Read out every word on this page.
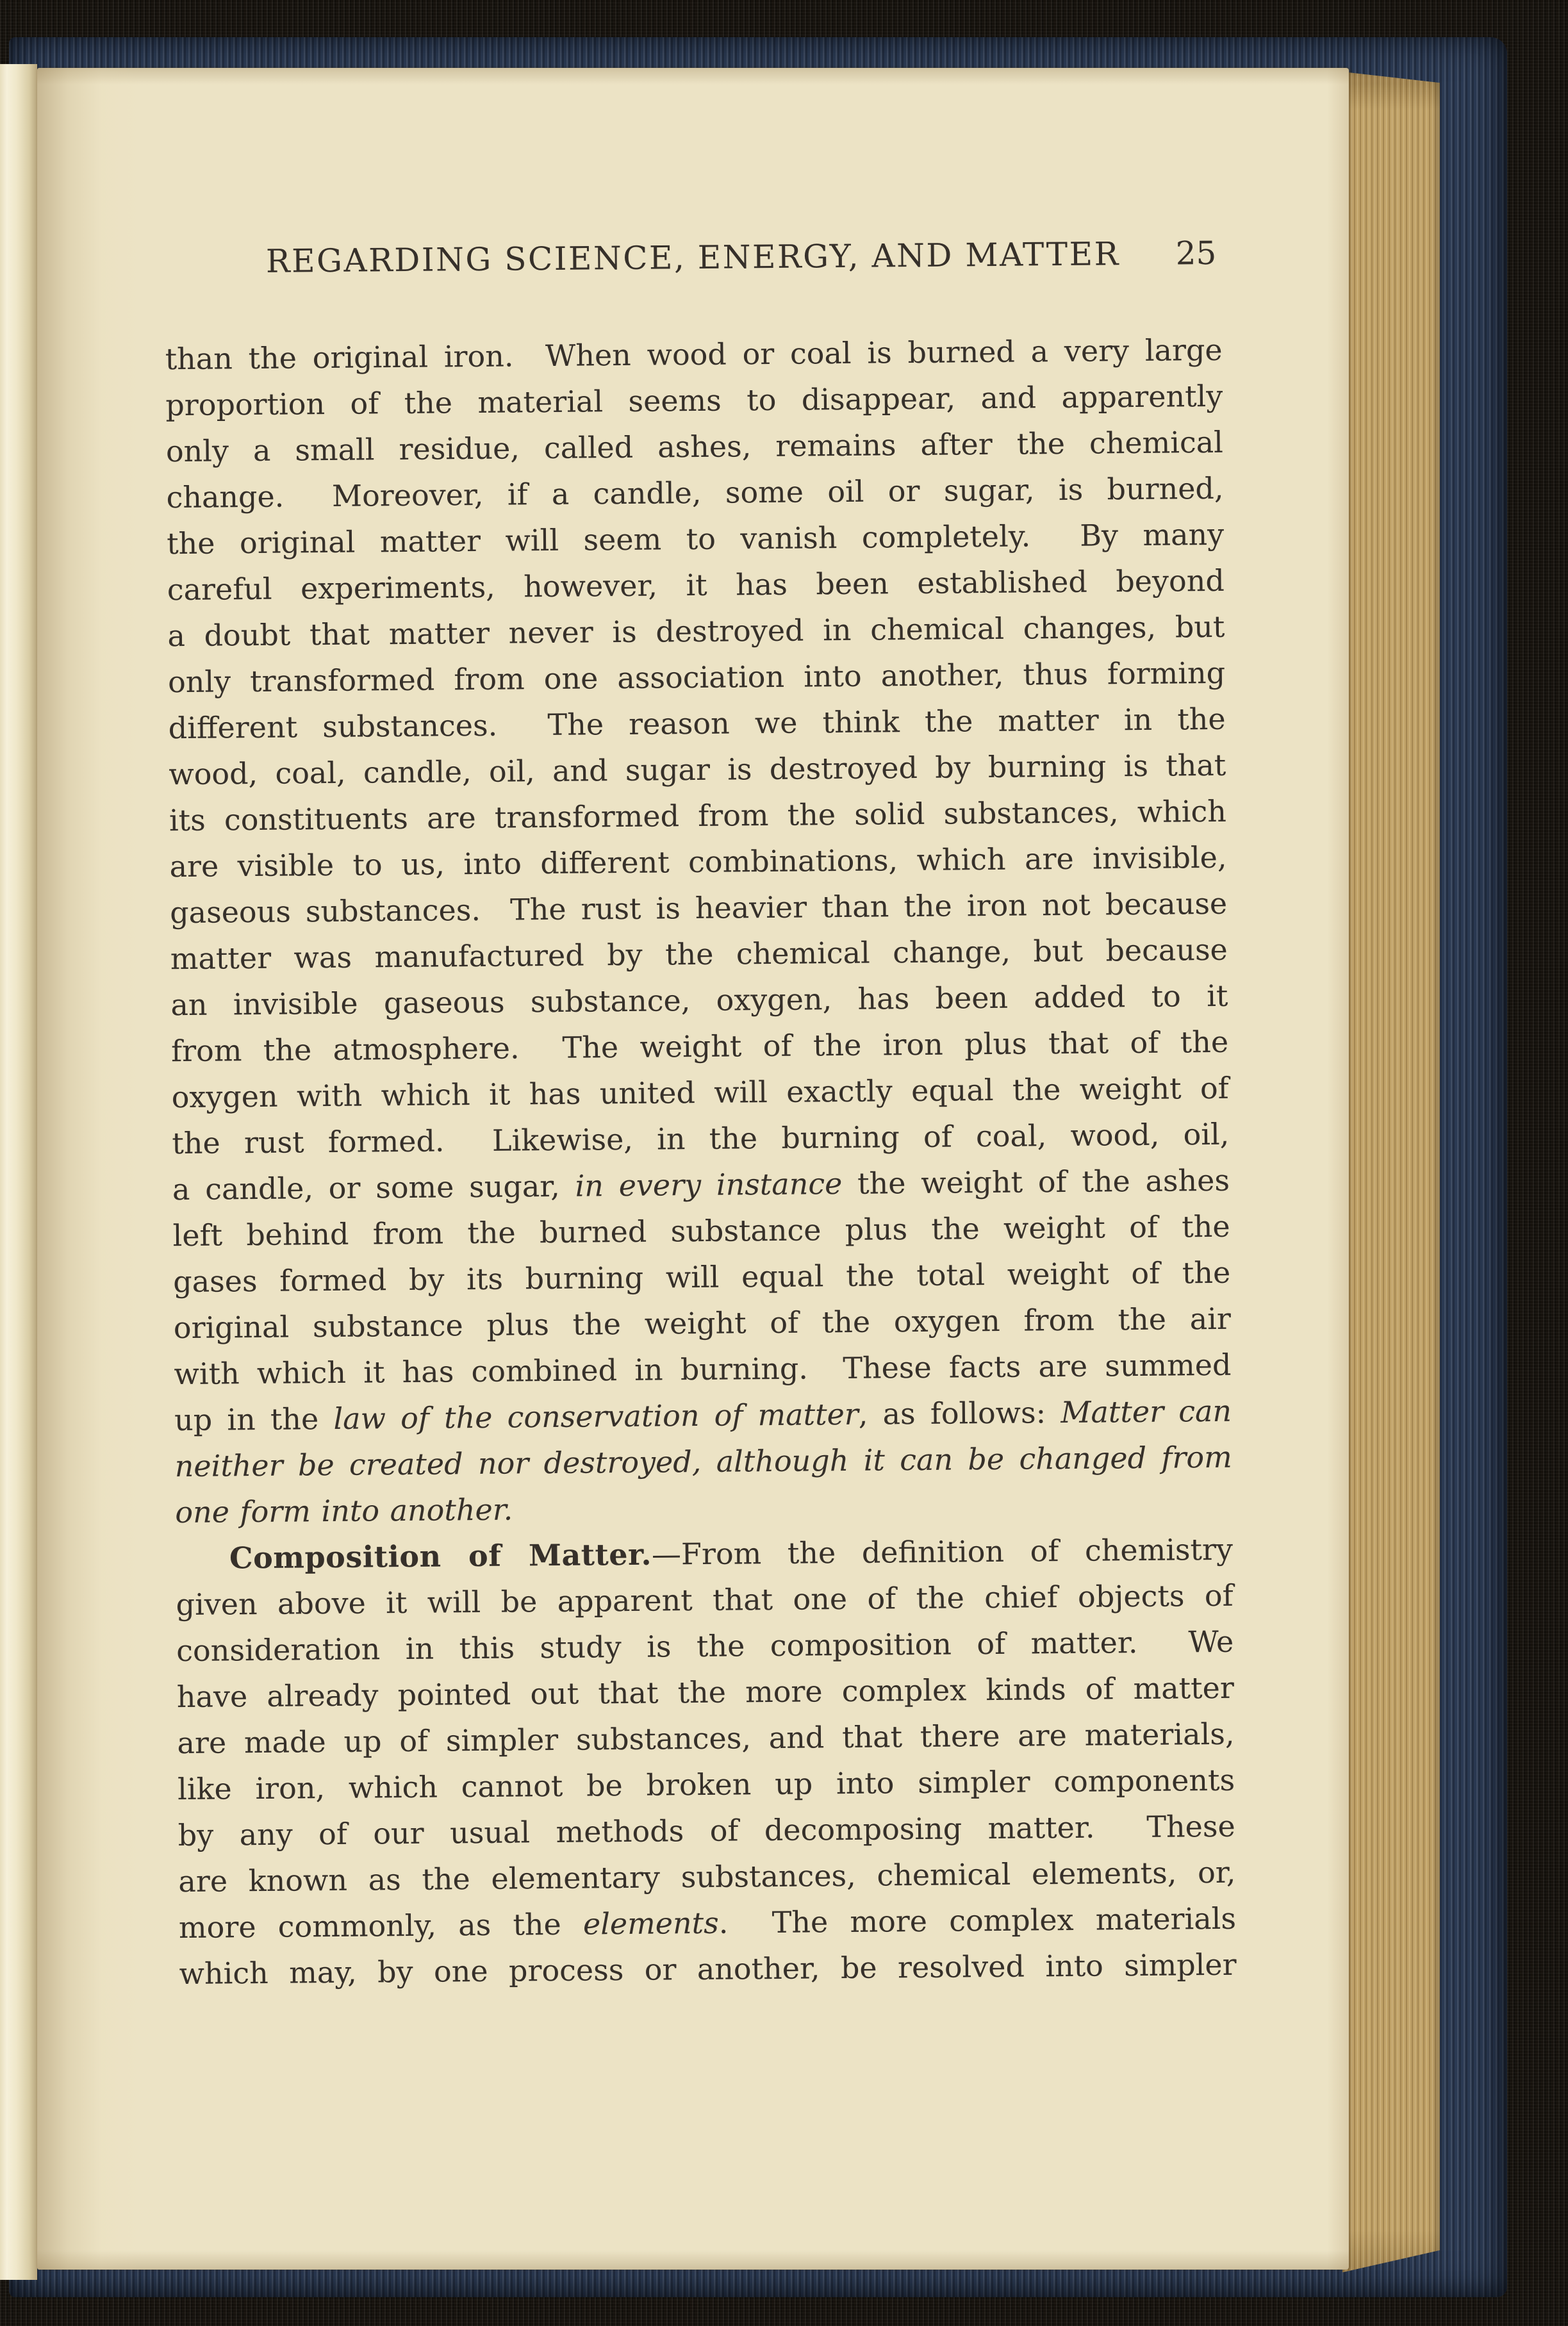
REGARDING SCIENCE, ENERGY, AND MATTER 25
than the original iron.  When wood or coal is burned a very large
proportion of the material seems to disappear, and apparently
only a small residue, called ashes, remains after the chemical
change.  Moreover, if a candle, some oil or sugar, is burned,
the original matter will seem to vanish completely.  By many
careful experiments, however, it has been established beyond
a doubt that matter never is destroyed in chemical changes, but
only transformed from one association into another, thus forming
different substances.  The reason we think the matter in the
wood, coal, candle, oil, and sugar is destroyed by burning is that
its constituents are transformed from the solid substances, which
are visible to us, into different combinations, which are invisible,
gaseous substances.  The rust is heavier than the iron not because
matter was manufactured by the chemical change, but because
an invisible gaseous substance, oxygen, has been added to it
from the atmosphere.  The weight of the iron plus that of the
oxygen with which it has united will exactly equal the weight of
the rust formed.  Likewise, in the burning of coal, wood, oil,
a candle, or some sugar, in every instance the weight of the ashes
left behind from the burned substance plus the weight of the
gases formed by its burning will equal the total weight of the
original substance plus the weight of the oxygen from the air
with which it has combined in burning.  These facts are summed
up in the law of the conservation of matter, as follows: Matter can
neither be created nor destroyed, although it can be changed from
one form into another.
Composition of Matter.—From the definition of chemistry
given above it will be apparent that one of the chief objects of
consideration in this study is the composition of matter.  We
have already pointed out that the more complex kinds of matter
are made up of simpler substances, and that there are materials,
like iron, which cannot be broken up into simpler components
by any of our usual methods of decomposing matter.  These
are known as the elementary substances, chemical elements, or,
more commonly, as the elements.  The more complex materials
which may, by one process or another, be resolved into simpler
